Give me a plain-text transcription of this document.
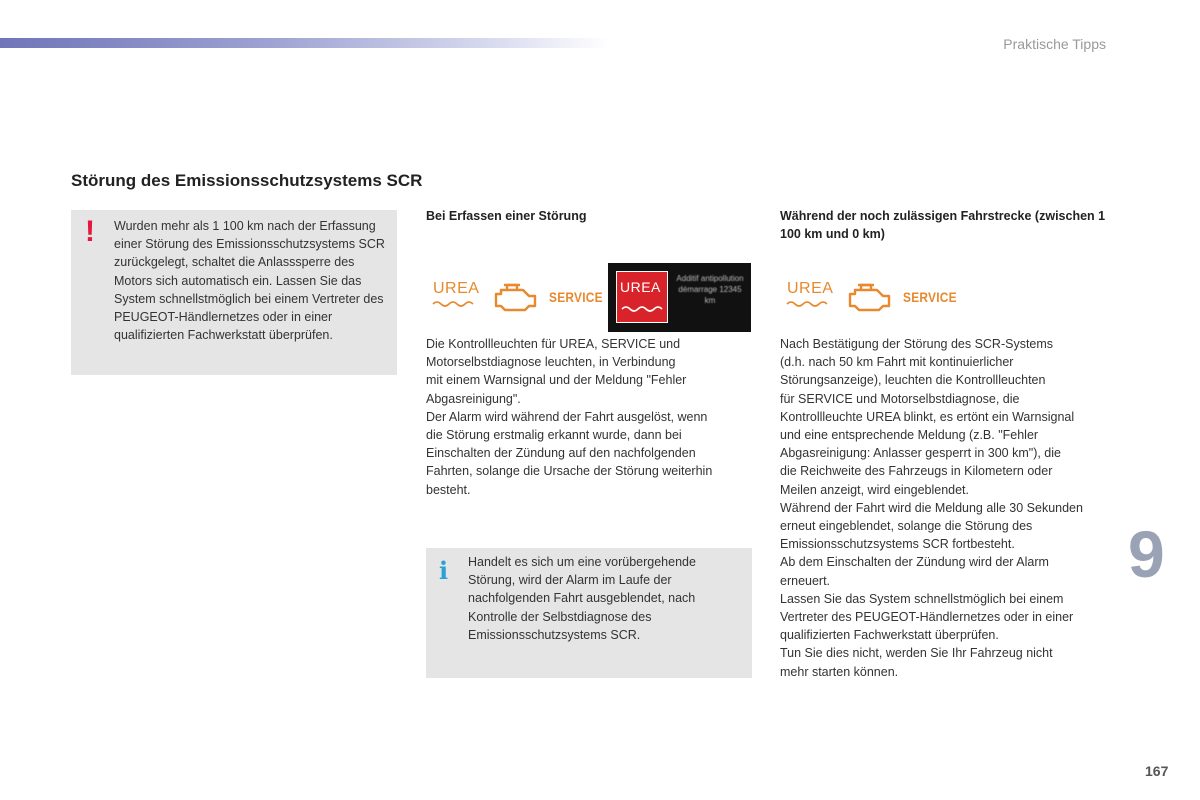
Praktische Tipps
Störung des Emissionsschutzsystems SCR
! Wurden mehr als 1 100 km nach der Erfassung einer Störung des Emissionsschutzsystems SCR zurückgelegt, schaltet die Anlasssperre des Motors sich automatisch ein. Lassen Sie das System schnellstmöglich bei einem Vertreter des PEUGEOT-Händlernetzes oder in einer qualifizierten Fachwerkstatt überprüfen.
Bei Erfassen einer Störung	Während der noch zulässigen Fahrstrecke (zwischen 1 100 km und 0 km)
UREA	SERVICE
UREA
Additif antipollution démarrage 12345 km
Die Kontrollleuchten für UREA, SERVICE und
Motorselbstdiagnose leuchten, in Verbindung
mit einem Warnsignal und der Meldung "Fehler
Abgasreinigung".
Der Alarm wird während der Fahrt ausgelöst, wenn
die Störung erstmalig erkannt wurde, dann bei
Einschalten der Zündung auf den nachfolgenden
Fahrten, solange die Ursache der Störung weiterhin
besteht.
i Handelt es sich um eine vorübergehende Störung, wird der Alarm im Laufe der nachfolgenden Fahrt ausgeblendet, nach Kontrolle der Selbstdiagnose des Emissionsschutzsystems SCR.
UREA	SERVICE
Nach Bestätigung der Störung des SCR-Systems
(d.h. nach 50 km Fahrt mit kontinuierlicher
Störungsanzeige), leuchten die Kontrollleuchten
für SERVICE und Motorselbstdiagnose, die
Kontrollleuchte UREA blinkt, es ertönt ein Warnsignal
und eine entsprechende Meldung (z.B. "Fehler
Abgasreinigung: Anlasser gesperrt in 300 km"), die
die Reichweite des Fahrzeugs in Kilometern oder
Meilen anzeigt, wird eingeblendet.
Während der Fahrt wird die Meldung alle 30 Sekunden
erneut eingeblendet, solange die Störung des
Emissionsschutzsystems SCR fortbesteht.
Ab dem Einschalten der Zündung wird der Alarm
erneuert.
Lassen Sie das System schnellstmöglich bei einem
Vertreter des PEUGEOT-Händlernetzes oder in einer
qualifizierten Fachwerkstatt überprüfen.
Tun Sie dies nicht, werden Sie Ihr Fahrzeug nicht
mehr starten können.
9
167
